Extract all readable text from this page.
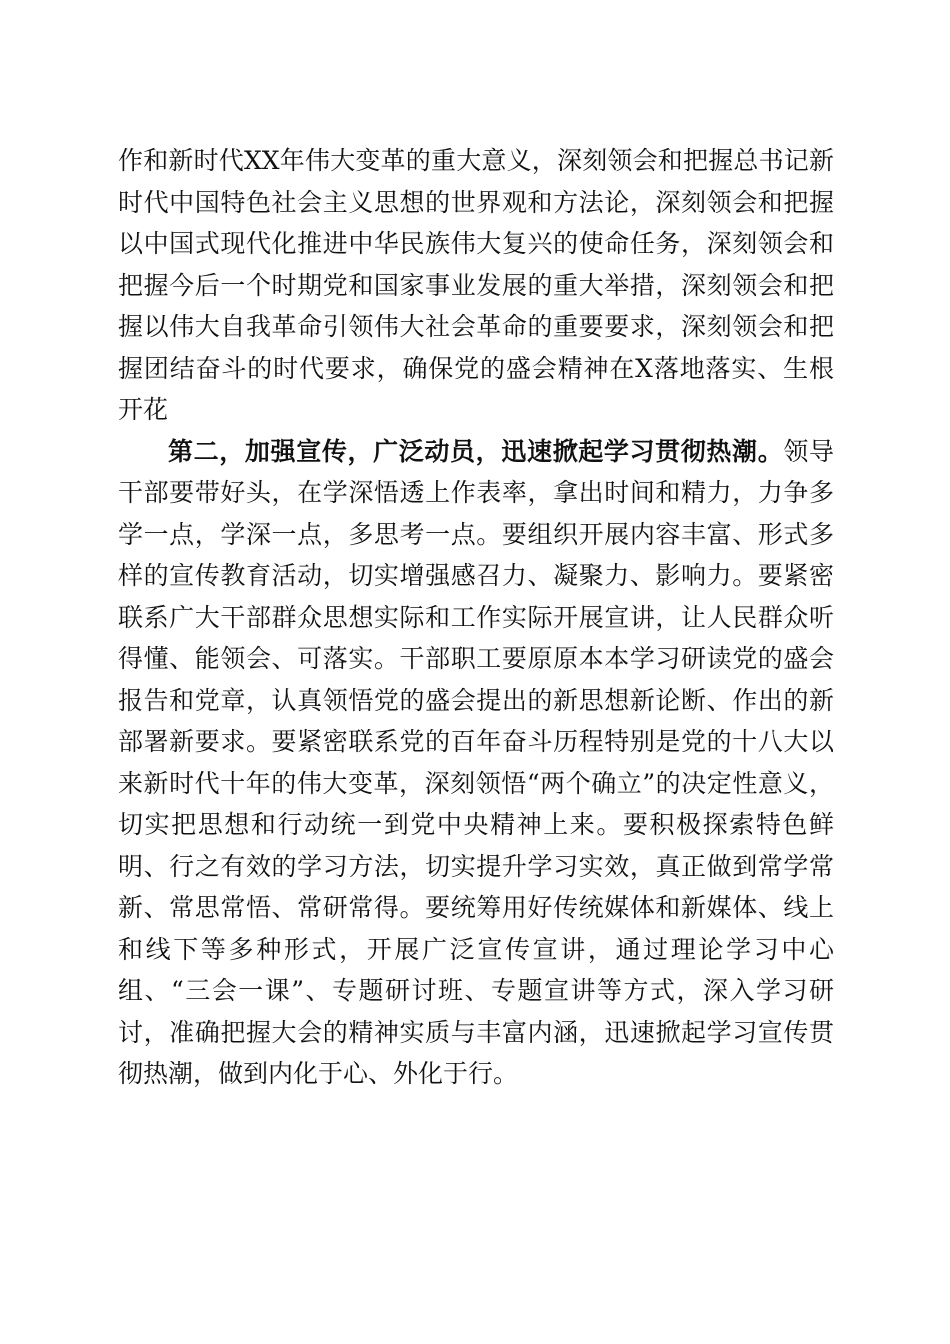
作和新时代XX年伟大变革的重大意义，深刻领会和把握总书记新时代中国特色社会主义思想的世界观和方法论，深刻领会和把握以中国式现代化推进中华民族伟大复兴的使命任务，深刻领会和把握今后一个时期党和国家事业发展的重大举措，深刻领会和把握以伟大自我革命引领伟大社会革命的重要要求，深刻领会和把握团结奋斗的时代要求，确保党的盛会精神在X落地落实、生根开花

第二，加强宣传，广泛动员，迅速掀起学习贯彻热潮。领导干部要带好头，在学深悟透上作表率，拿出时间和精力，力争多学一点，学深一点，多思考一点。要组织开展内容丰富、形式多样的宣传教育活动，切实增强感召力、凝聚力、影响力。要紧密联系广大干部群众思想实际和工作实际开展宣讲，让人民群众听得懂、能领会、可落实。干部职工要原原本本学习研读党的盛会报告和党章，认真领悟党的盛会提出的新思想新论断、作出的新部署新要求。要紧密联系党的百年奋斗历程特别是党的十八大以来新时代十年的伟大变革，深刻领悟“两个确立”的决定性意义，切实把思想和行动统一到党中央精神上来。要积极探索特色鲜明、行之有效的学习方法，切实提升学习实效，真正做到常学常新、常思常悟、常研常得。要统筹用好传统媒体和新媒体、线上和线下等多种形式，开展广泛宣传宣讲，通过理论学习中心组、“三会一课”、专题研讨班、专题宣讲等方式，深入学习研讨，准确把握大会的精神实质与丰富内涵，迅速掀起学习宣传贯彻热潮，做到内化于心、外化于行。
